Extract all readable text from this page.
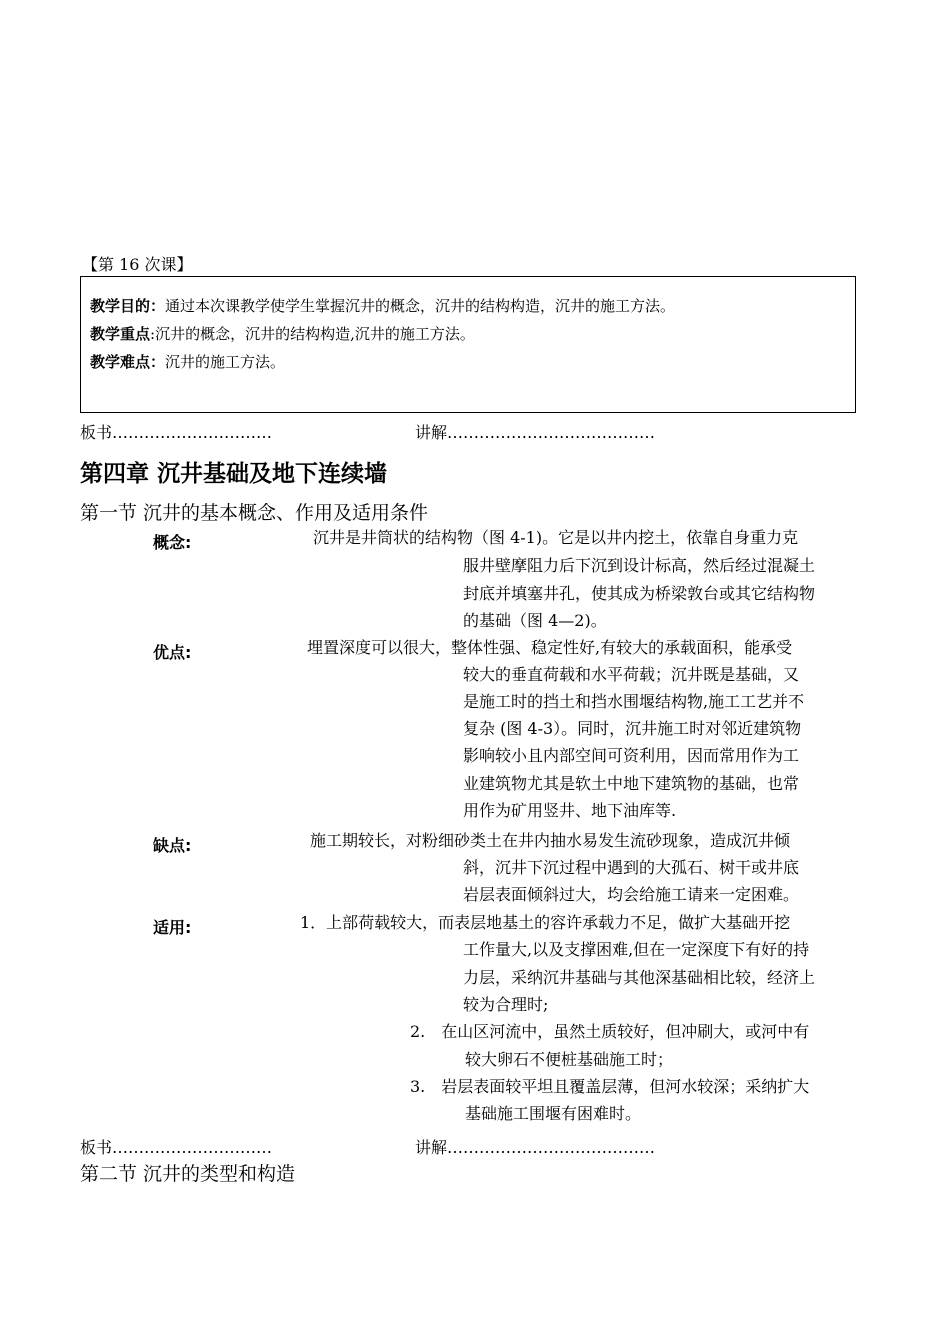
【第 16 次课】
教学目的：通过本次课教学使学生掌握沉井的概念，沉井的结构构造，沉井的施工方法。
教学重点:沉井的概念，沉井的结构构造,沉井的施工方法。
教学难点：沉井的施工方法。
板书…………………………	讲解…………………………………
第四章 沉井基础及地下连续墙
第一节 沉井的基本概念、作用及适用条件
概念:	沉井是井筒状的结构物（图 4-1)。它是以井内挖土，依靠自身重力克
服井壁摩阻力后下沉到设计标高，然后经过混凝土
封底并填塞井孔，使其成为桥梁敦台或其它结构物
的基础（图 4—2)。
优点:	埋置深度可以很大，整体性强、稳定性好,有较大的承载面积，能承受
较大的垂直荷载和水平荷载；沉井既是基础，又
是施工时的挡土和挡水围堰结构物,施工工艺并不
复杂 (图 4-3）。同时，沉井施工时对邻近建筑物
影响较小且内部空间可资利用，因而常用作为工
业建筑物尤其是软土中地下建筑物的基础，也常
用作为矿用竖井、地下油库等.
缺点:	施工期较长，对粉细砂类土在井内抽水易发生流砂现象，造成沉井倾
斜，沉井下沉过程中遇到的大孤石、树干或井底
岩层表面倾斜过大，均会给施工请来一定困难。
适用:	1．上部荷载较大，而表层地基土的容许承载力不足，做扩大基础开挖
工作量大,以及支撑困难,但在一定深度下有好的持
力层，采纳沉井基础与其他深基础相比较，经济上
较为合理时;
2.　在山区河流中，虽然土质较好，但冲刷大，或河中有
较大卵石不便桩基础施工时；
3.　岩层表面较平坦且覆盖层薄，但河水较深；采纳扩大
基础施工围堰有困难时。
板书…………………………	讲解…………………………………
第二节 沉井的类型和构造
